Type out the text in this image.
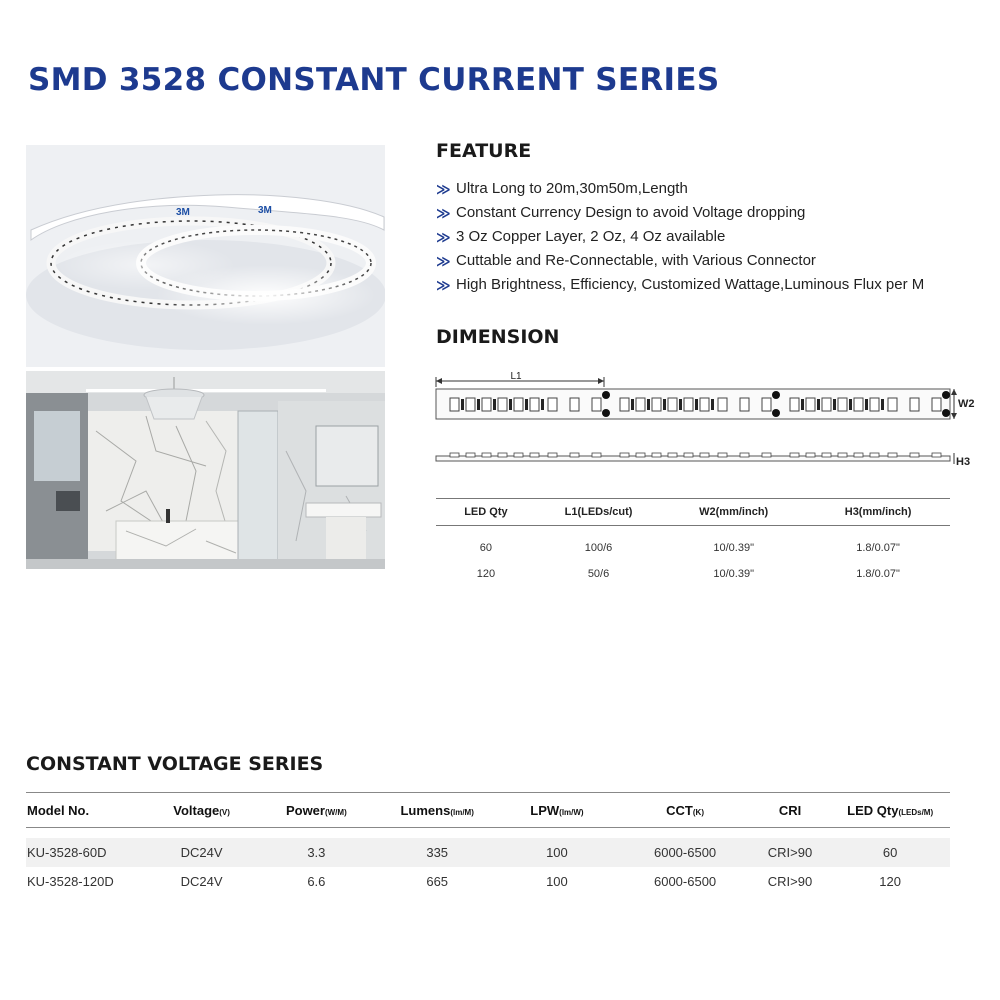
SMD 3528 CONSTANT CURRENT SERIES
3M	3M
FEATURE
≫ Ultra Long to 20m,30m50m,Length
≫ Constant Currency Design to avoid Voltage dropping
≫ 3 Oz Copper Layer, 2 Oz, 4 Oz available
≫ Cuttable and Re-Connectable, with Various Connector
≫ High Brightness, Efficiency, Customized Wattage,Luminous Flux per M
DIMENSION
L1
W2
H3
LED Qty	L1(LEDs/cut)	W2(mm/inch)	H3(mm/inch)
60	100/6	10/0.39"	1.8/0.07"
120	50/6	10/0.39"	1.8/0.07"
CONSTANT VOLTAGE SERIES
Model No.	Voltage(V)	Power(W/M)	Lumens(lm/M)	LPW(lm/W)	CCT(K)	CRI	LED Qty(LEDs/M)

KU-3528-60D	DC24V	3.3	335	100	6000-6500	CRI>90	60
KU-3528-120D	DC24V	6.6	665	100	6000-6500	CRI>90	120
